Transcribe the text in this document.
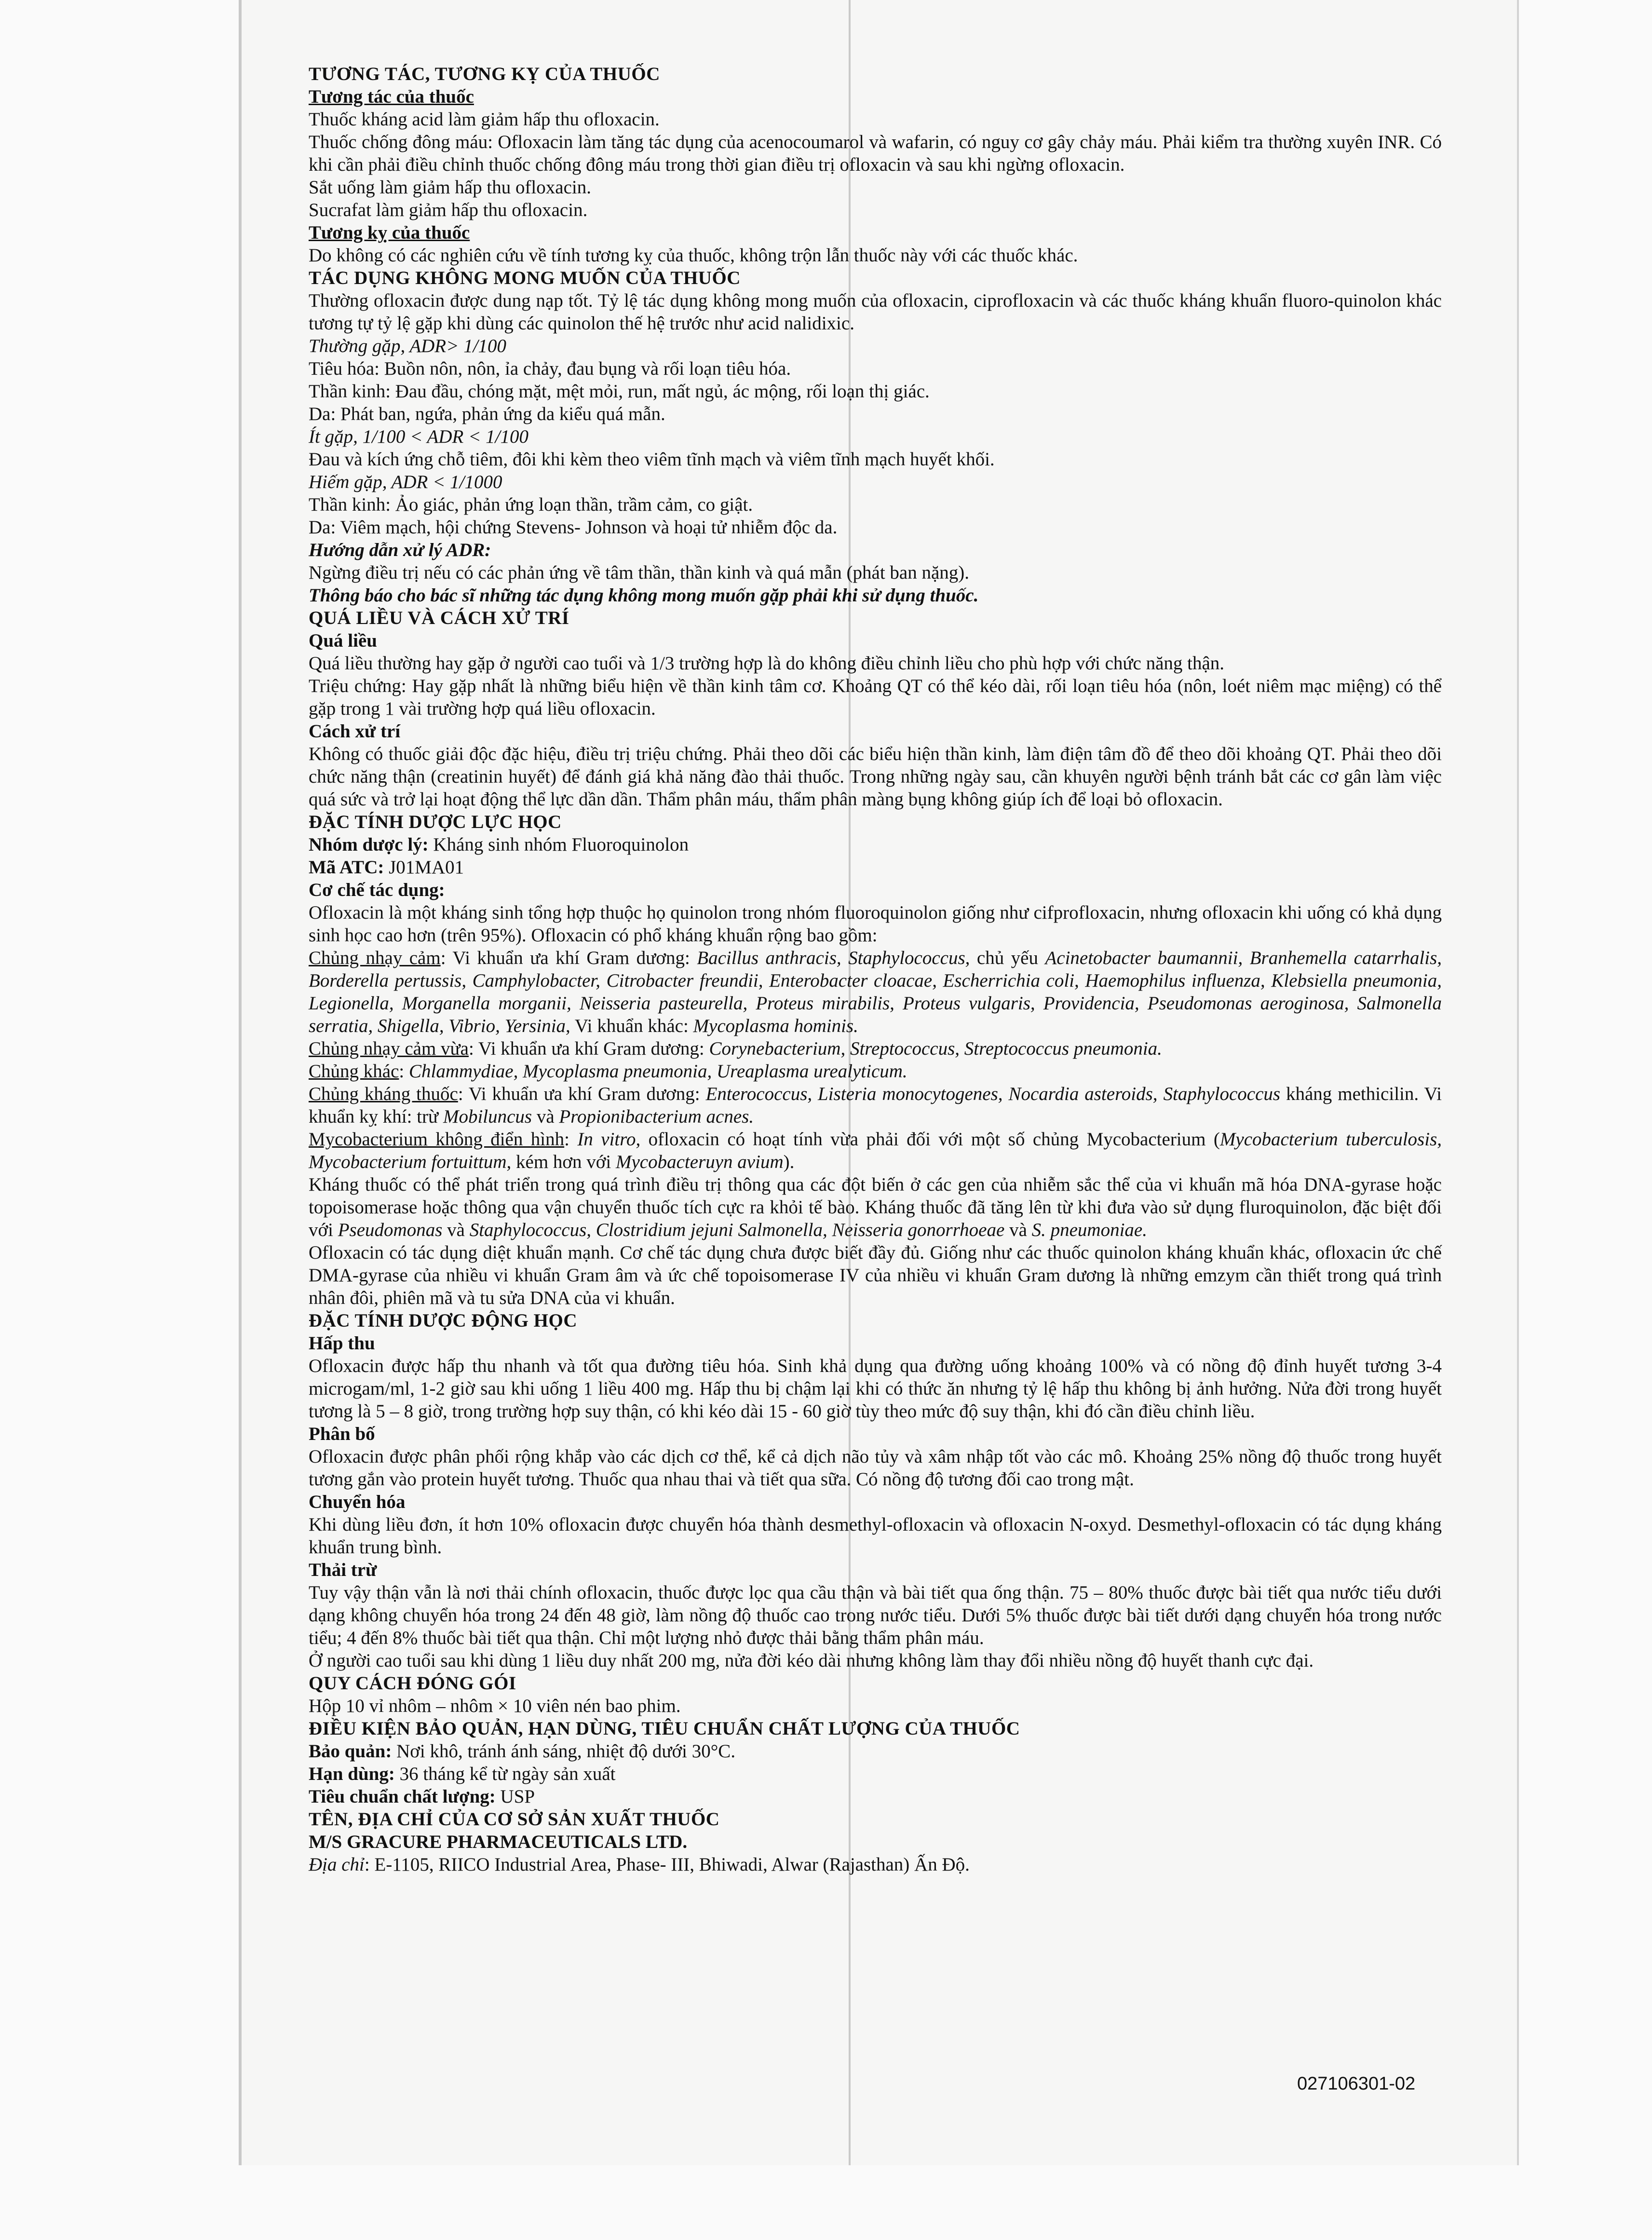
TƯƠNG TÁC, TƯƠNG KỴ CỦA THUỐC

Tương tác của thuốc

Thuốc kháng acid làm giảm hấp thu ofloxacin.

Thuốc chống đông máu: Ofloxacin làm tăng tác dụng của acenocoumarol và wafarin, có nguy cơ gây chảy máu. Phải kiểm tra thường xuyên INR. Có khi cần phải điều chỉnh thuốc chống đông máu trong thời gian điều trị ofloxacin và sau khi ngừng ofloxacin.

Sắt uống làm giảm hấp thu ofloxacin.

Sucrafat làm giảm hấp thu ofloxacin.

Tương kỵ của thuốc

Do không có các nghiên cứu về tính tương kỵ của thuốc, không trộn lẫn thuốc này với các thuốc khác.

TÁC DỤNG KHÔNG MONG MUỐN CỦA THUỐC

Thường ofloxacin được dung nạp tốt. Tỷ lệ tác dụng không mong muốn của ofloxacin, ciprofloxacin và các thuốc kháng khuẩn fluoro-quinolon khác tương tự tỷ lệ gặp khi dùng các quinolon thế hệ trước như acid nalidixic.

Thường gặp, ADR> 1/100

Tiêu hóa: Buồn nôn, nôn, ỉa chảy, đau bụng và rối loạn tiêu hóa.

Thần kinh: Đau đầu, chóng mặt, mệt mỏi, run, mất ngủ, ác mộng, rối loạn thị giác.

Da: Phát ban, ngứa, phản ứng da kiểu quá mẫn.

Ít gặp, 1/100 < ADR < 1/100

Đau và kích ứng chỗ tiêm, đôi khi kèm theo viêm tĩnh mạch và viêm tĩnh mạch huyết khối.

Hiếm gặp, ADR < 1/1000

Thần kinh: Ảo giác, phản ứng loạn thần, trầm cảm, co giật.

Da: Viêm mạch, hội chứng Stevens- Johnson và hoại tử nhiễm độc da.

Hướng dẫn xử lý ADR:

Ngừng điều trị nếu có các phản ứng về tâm thần, thần kinh và quá mẫn (phát ban nặng).

Thông báo cho bác sĩ những tác dụng không mong muốn gặp phải khi sử dụng thuốc.

QUÁ LIỀU VÀ CÁCH XỬ TRÍ

Quá liều

Quá liều thường hay gặp ở người cao tuổi và 1/3 trường hợp là do không điều chỉnh liều cho phù hợp với chức năng thận.

Triệu chứng: Hay gặp nhất là những biểu hiện về thần kinh tâm cơ. Khoảng QT có thể kéo dài, rối loạn tiêu hóa (nôn, loét niêm mạc miệng) có thể gặp trong 1 vài trường hợp quá liều ofloxacin.

Cách xử trí

Không có thuốc giải độc đặc hiệu, điều trị triệu chứng. Phải theo dõi các biểu hiện thần kinh, làm điện tâm đồ để theo dõi khoảng QT. Phải theo dõi chức năng thận (creatinin huyết) để đánh giá khả năng đào thải thuốc. Trong những ngày sau, cần khuyên người bệnh tránh bắt các cơ gân làm việc quá sức và trở lại hoạt động thể lực dần dần. Thẩm phân máu, thẩm phân màng bụng không giúp ích để loại bỏ ofloxacin.

ĐẶC TÍNH DƯỢC LỰC HỌC

Nhóm dược lý: Kháng sinh nhóm Fluoroquinolon

Mã ATC: J01MA01

Cơ chế tác dụng:

Ofloxacin là một kháng sinh tổng hợp thuộc họ quinolon trong nhóm fluoroquinolon giống như cifprofloxacin, nhưng ofloxacin khi uống có khả dụng sinh học cao hơn (trên 95%). Ofloxacin có phổ kháng khuẩn rộng bao gồm:

Chủng nhạy cảm: Vi khuẩn ưa khí Gram dương: Bacillus anthracis, Staphylococcus, chủ yếu Acinetobacter baumannii, Branhemella catarrhalis, Borderella pertussis, Camphylobacter, Citrobacter freundii, Enterobacter cloacae, Escherrichia coli, Haemophilus influenza, Klebsiella pneumonia, Legionella, Morganella morganii, Neisseria pasteurella, Proteus mirabilis, Proteus vulgaris, Providencia, Pseudomonas aeroginosa, Salmonella serratia, Shigella, Vibrio, Yersinia, Vi khuẩn khác: Mycoplasma hominis.

Chủng nhạy cảm vừa: Vi khuẩn ưa khí Gram dương: Corynebacterium, Streptococcus, Streptococcus pneumonia.

Chủng khác: Chlammydiae, Mycoplasma pneumonia, Ureaplasma urealyticum.

Chủng kháng thuốc: Vi khuẩn ưa khí Gram dương: Enterococcus, Listeria monocytogenes, Nocardia asteroids, Staphylococcus kháng methicilin. Vi khuẩn kỵ khí: trừ Mobiluncus và Propionibacterium acnes.

Mycobacterium không điển hình: In vitro, ofloxacin có hoạt tính vừa phải đối với một số chủng Mycobacterium (Mycobacterium tuberculosis, Mycobacterium fortuittum, kém hơn với Mycobacteruyn avium).

Kháng thuốc có thể phát triển trong quá trình điều trị thông qua các đột biến ở các gen của nhiễm sắc thể của vi khuẩn mã hóa DNA-gyrase hoặc topoisomerase hoặc thông qua vận chuyển thuốc tích cực ra khỏi tế bào. Kháng thuốc đã tăng lên từ khi đưa vào sử dụng fluroquinolon, đặc biệt đối với Pseudomonas và Staphylococcus, Clostridium jejuni Salmonella, Neisseria gonorrhoeae và S. pneumoniae.

Ofloxacin có tác dụng diệt khuẩn mạnh. Cơ chế tác dụng chưa được biết đầy đủ. Giống như các thuốc quinolon kháng khuẩn khác, ofloxacin ức chế DMA-gyrase của nhiều vi khuẩn Gram âm và ức chế topoisomerase IV của nhiều vi khuẩn Gram dương là những emzym cần thiết trong quá trình nhân đôi, phiên mã và tu sửa DNA của vi khuẩn.

ĐẶC TÍNH DƯỢC ĐỘNG HỌC

Hấp thu

Ofloxacin được hấp thu nhanh và tốt qua đường tiêu hóa. Sinh khả dụng qua đường uống khoảng 100% và có nồng độ đỉnh huyết tương 3-4 microgam/ml, 1-2 giờ sau khi uống 1 liều 400 mg. Hấp thu bị chậm lại khi có thức ăn nhưng tỷ lệ hấp thu không bị ảnh hưởng. Nửa đời trong huyết tương là 5 – 8 giờ, trong trường hợp suy thận, có khi kéo dài 15 - 60 giờ tùy theo mức độ suy thận, khi đó cần điều chỉnh liều.

Phân bố

Ofloxacin được phân phối rộng khắp vào các dịch cơ thể, kể cả dịch não tủy và xâm nhập tốt vào các mô. Khoảng 25% nồng độ thuốc trong huyết tương gắn vào protein huyết tương. Thuốc qua nhau thai và tiết qua sữa. Có nồng độ tương đối cao trong mật.

Chuyển hóa

Khi dùng liều đơn, ít hơn 10% ofloxacin được chuyển hóa thành desmethyl-ofloxacin và ofloxacin N-oxyd. Desmethyl-ofloxacin có tác dụng kháng khuẩn trung bình.

Thải trừ

Tuy vậy thận vẫn là nơi thải chính ofloxacin, thuốc được lọc qua cầu thận và bài tiết qua ống thận. 75 – 80% thuốc được bài tiết qua nước tiểu dưới dạng không chuyển hóa trong 24 đến 48 giờ, làm nồng độ thuốc cao trong nước tiểu. Dưới 5% thuốc được bài tiết dưới dạng chuyển hóa trong nước tiểu; 4 đến 8% thuốc bài tiết qua thận. Chỉ một lượng nhỏ được thải bằng thẩm phân máu.

Ở người cao tuổi sau khi dùng 1 liều duy nhất 200 mg, nửa đời kéo dài nhưng không làm thay đổi nhiều nồng độ huyết thanh cực đại.

QUY CÁCH ĐÓNG GÓI

Hộp 10 vỉ nhôm – nhôm × 10 viên nén bao phim.

ĐIỀU KIỆN BẢO QUẢN, HẠN DÙNG, TIÊU CHUẨN CHẤT LƯỢNG CỦA THUỐC

Bảo quản: Nơi khô, tránh ánh sáng, nhiệt độ dưới 30°C.

Hạn dùng: 36 tháng kể từ ngày sản xuất

Tiêu chuẩn chất lượng: USP

TÊN, ĐỊA CHỈ CỦA CƠ SỞ SẢN XUẤT THUỐC

M/S GRACURE PHARMACEUTICALS LTD.

Địa chỉ: E-1105, RIICO Industrial Area, Phase- III, Bhiwadi, Alwar (Rajasthan) Ấn Độ.

027106301-02
